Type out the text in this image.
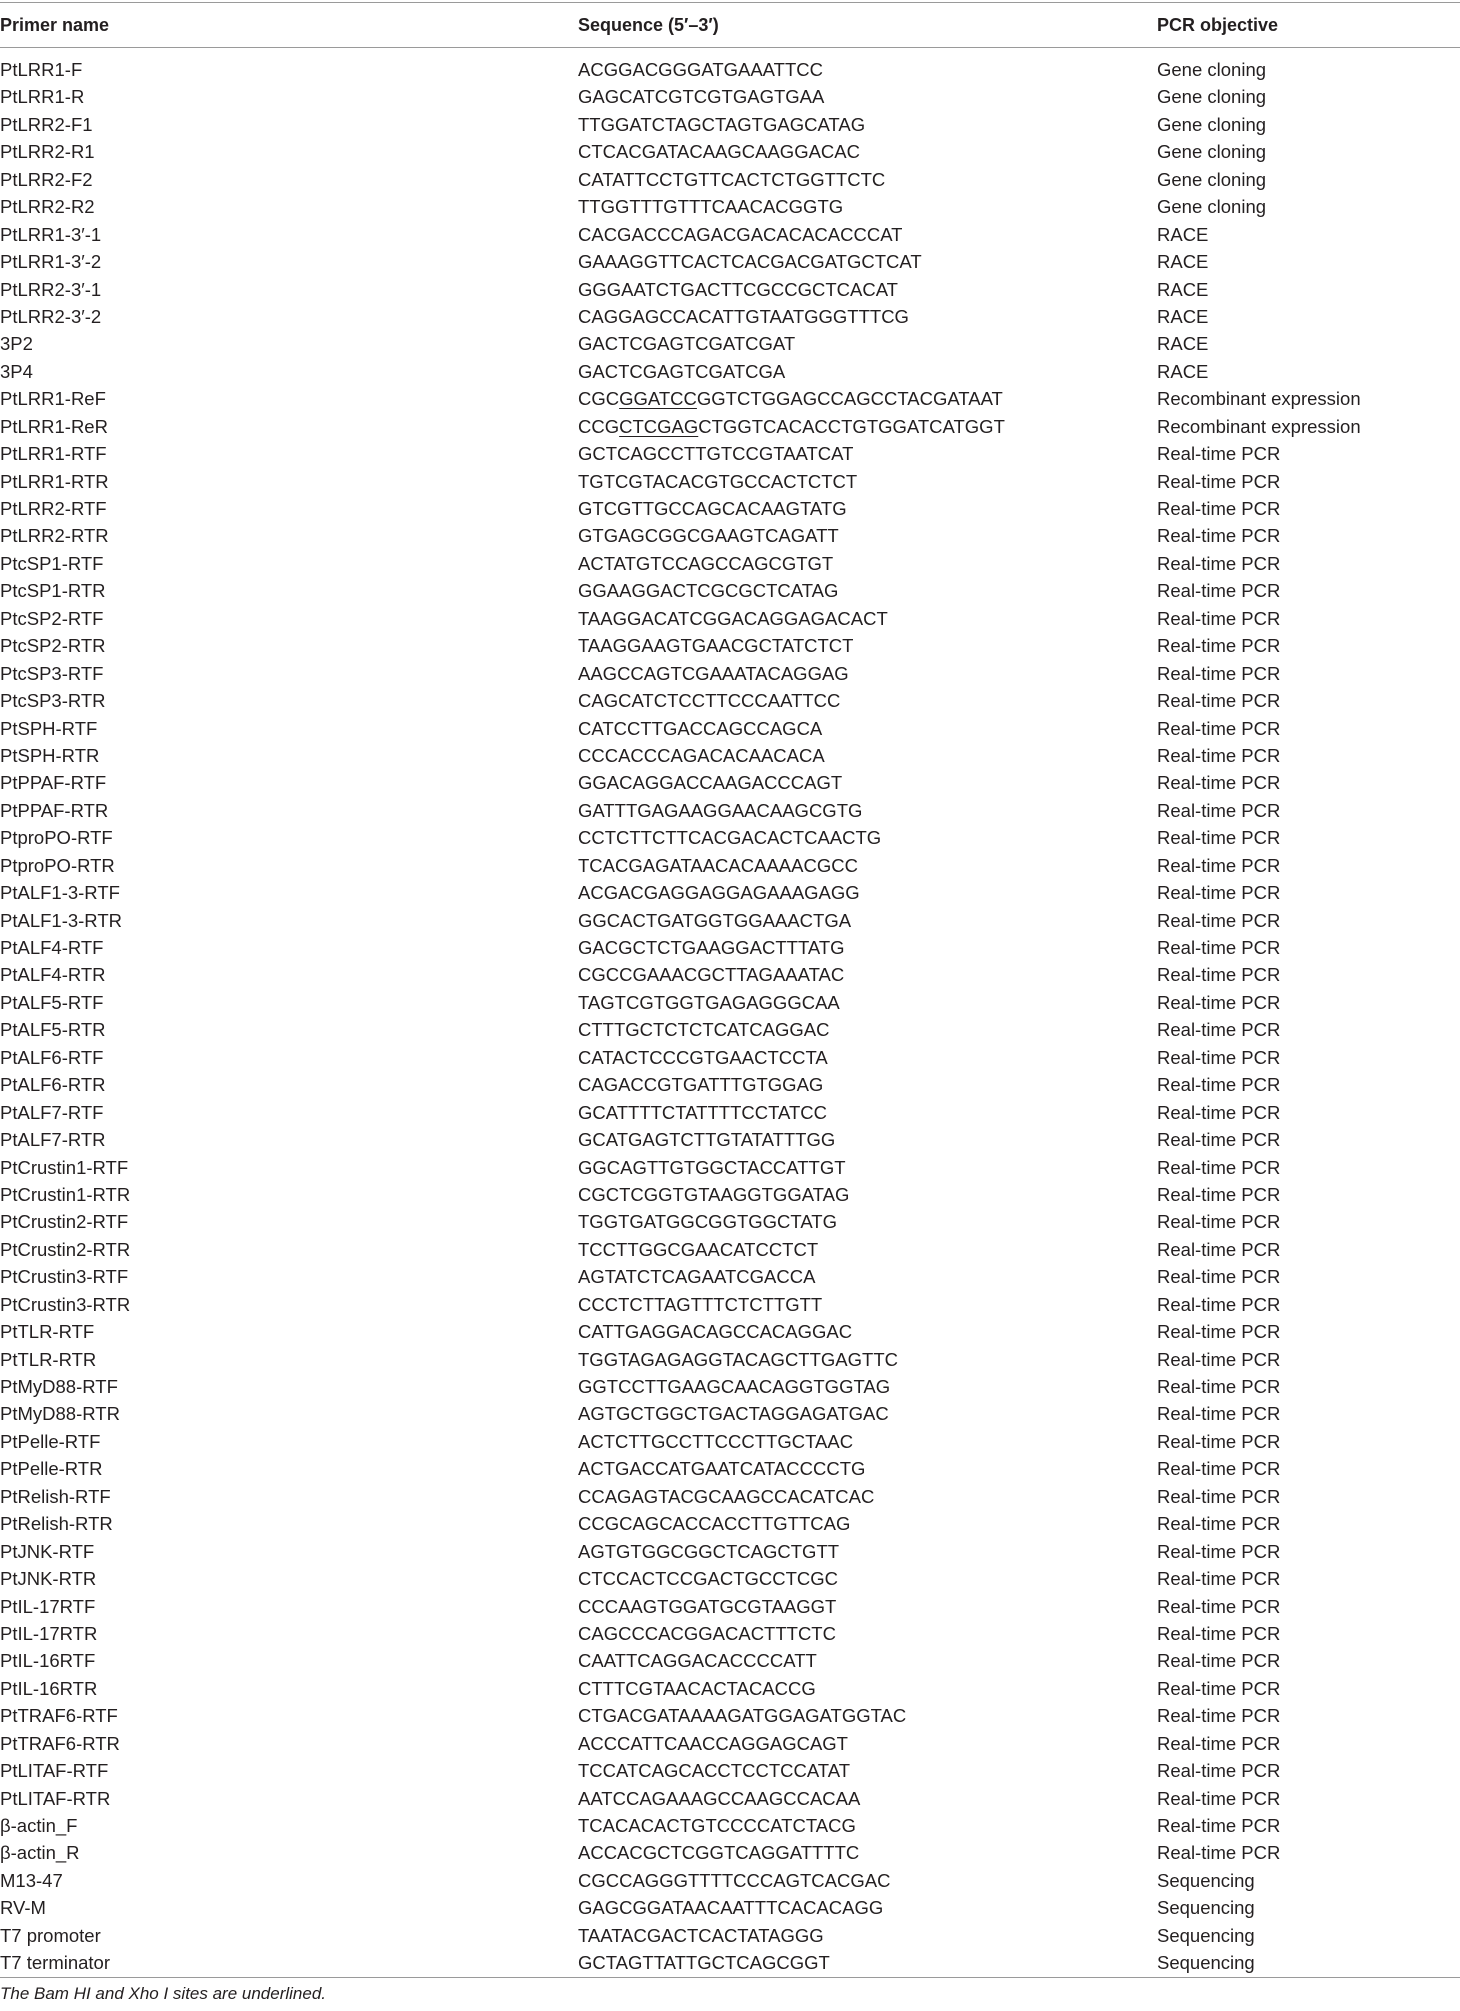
Primer name	Sequence (5′–3′)	PCR objective
PtLRR1-F	ACGGACGGGATGAAATTCC	Gene cloning
PtLRR1-R	GAGCATCGTCGTGAGTGAA	Gene cloning
PtLRR2-F1	TTGGATCTAGCTAGTGAGCATAG	Gene cloning
PtLRR2-R1	CTCACGATACAAGCAAGGACAC	Gene cloning
PtLRR2-F2	CATATTCCTGTTCACTCTGGTTCTC	Gene cloning
PtLRR2-R2	TTGGTTTGTTTCAACACGGTG	Gene cloning
PtLRR1-3′-1	CACGACCCAGACGACACACACCCAT	RACE
PtLRR1-3′-2	GAAAGGTTCACTCACGACGATGCTCAT	RACE
PtLRR2-3′-1	GGGAATCTGACTTCGCCGCTCACAT	RACE
PtLRR2-3′-2	CAGGAGCCACATTGTAATGGGTTTCG	RACE
3P2	GACTCGAGTCGATCGAT	RACE
3P4	GACTCGAGTCGATCGA	RACE
PtLRR1-ReF	CGCGGATCCGGTCTGGAGCCAGCCTACGATAAT	Recombinant expression
PtLRR1-ReR	CCGCTCGAGCTGGTCACACCTGTGGATCATGGT	Recombinant expression
PtLRR1-RTF	GCTCAGCCTTGTCCGTAATCAT	Real-time PCR
PtLRR1-RTR	TGTCGTACACGTGCCACTCTCT	Real-time PCR
PtLRR2-RTF	GTCGTTGCCAGCACAAGTATG	Real-time PCR
PtLRR2-RTR	GTGAGCGGCGAAGTCAGATT	Real-time PCR
PtcSP1-RTF	ACTATGTCCAGCCAGCGTGT	Real-time PCR
PtcSP1-RTR	GGAAGGACTCGCGCTCATAG	Real-time PCR
PtcSP2-RTF	TAAGGACATCGGACAGGAGACACT	Real-time PCR
PtcSP2-RTR	TAAGGAAGTGAACGCTATCTCT	Real-time PCR
PtcSP3-RTF	AAGCCAGTCGAAATACAGGAG	Real-time PCR
PtcSP3-RTR	CAGCATCTCCTTCCCAATTCC	Real-time PCR
PtSPH-RTF	CATCCTTGACCAGCCAGCA	Real-time PCR
PtSPH-RTR	CCCACCCAGACACAACACA	Real-time PCR
PtPPAF-RTF	GGACAGGACCAAGACCCAGT	Real-time PCR
PtPPAF-RTR	GATTTGAGAAGGAACAAGCGTG	Real-time PCR
PtproPO-RTF	CCTCTTCTTCACGACACTCAACTG	Real-time PCR
PtproPO-RTR	TCACGAGATAACACAAAACGCC	Real-time PCR
PtALF1-3-RTF	ACGACGAGGAGGAGAAAGAGG	Real-time PCR
PtALF1-3-RTR	GGCACTGATGGTGGAAACTGA	Real-time PCR
PtALF4-RTF	GACGCTCTGAAGGACTTTATG	Real-time PCR
PtALF4-RTR	CGCCGAAACGCTTAGAAATAC	Real-time PCR
PtALF5-RTF	TAGTCGTGGTGAGAGGGCAA	Real-time PCR
PtALF5-RTR	CTTTGCTCTCTCATCAGGAC	Real-time PCR
PtALF6-RTF	CATACTCCCGTGAACTCCTA	Real-time PCR
PtALF6-RTR	CAGACCGTGATTTGTGGAG	Real-time PCR
PtALF7-RTF	GCATTTTCTATTTTCCTATCC	Real-time PCR
PtALF7-RTR	GCATGAGTCTTGTATATTTGG	Real-time PCR
PtCrustin1-RTF	GGCAGTTGTGGCTACCATTGT	Real-time PCR
PtCrustin1-RTR	CGCTCGGTGTAAGGTGGATAG	Real-time PCR
PtCrustin2-RTF	TGGTGATGGCGGTGGCTATG	Real-time PCR
PtCrustin2-RTR	TCCTTGGCGAACATCCTCT	Real-time PCR
PtCrustin3-RTF	AGTATCTCAGAATCGACCA	Real-time PCR
PtCrustin3-RTR	CCCTCTTAGTTTCTCTTGTT	Real-time PCR
PtTLR-RTF	CATTGAGGACAGCCACAGGAC	Real-time PCR
PtTLR-RTR	TGGTAGAGAGGTACAGCTTGAGTTC	Real-time PCR
PtMyD88-RTF	GGTCCTTGAAGCAACAGGTGGTAG	Real-time PCR
PtMyD88-RTR	AGTGCTGGCTGACTAGGAGATGAC	Real-time PCR
PtPelle-RTF	ACTCTTGCCTTCCCTTGCTAAC	Real-time PCR
PtPelle-RTR	ACTGACCATGAATCATACCCCTG	Real-time PCR
PtRelish-RTF	CCAGAGTACGCAAGCCACATCAC	Real-time PCR
PtRelish-RTR	CCGCAGCACCACCTTGTTCAG	Real-time PCR
PtJNK-RTF	AGTGTGGCGGCTCAGCTGTT	Real-time PCR
PtJNK-RTR	CTCCACTCCGACTGCCTCGC	Real-time PCR
PtIL-17RTF	CCCAAGTGGATGCGTAAGGT	Real-time PCR
PtIL-17RTR	CAGCCCACGGACACTTTCTC	Real-time PCR
PtIL-16RTF	CAATTCAGGACACCCCATT	Real-time PCR
PtIL-16RTR	CTTTCGTAACACTACACCG	Real-time PCR
PtTRAF6-RTF	CTGACGATAAAAGATGGAGATGGTAC	Real-time PCR
PtTRAF6-RTR	ACCCATTCAACCAGGAGCAGT	Real-time PCR
PtLITAF-RTF	TCCATCAGCACCTCCTCCATAT	Real-time PCR
PtLITAF-RTR	AATCCAGAAAGCCAAGCCACAA	Real-time PCR
β-actin_F	TCACACACTGTCCCCATCTACG	Real-time PCR
β-actin_R	ACCACGCTCGGTCAGGATTTTC	Real-time PCR
M13-47	CGCCAGGGTTTTCCCAGTCACGAC	Sequencing
RV-M	GAGCGGATAACAATTTCACACAGG	Sequencing
T7 promoter	TAATACGACTCACTATAGGG	Sequencing
T7 terminator	GCTAGTTATTGCTCAGCGGT	Sequencing
The Bam HI and Xho I sites are underlined.
